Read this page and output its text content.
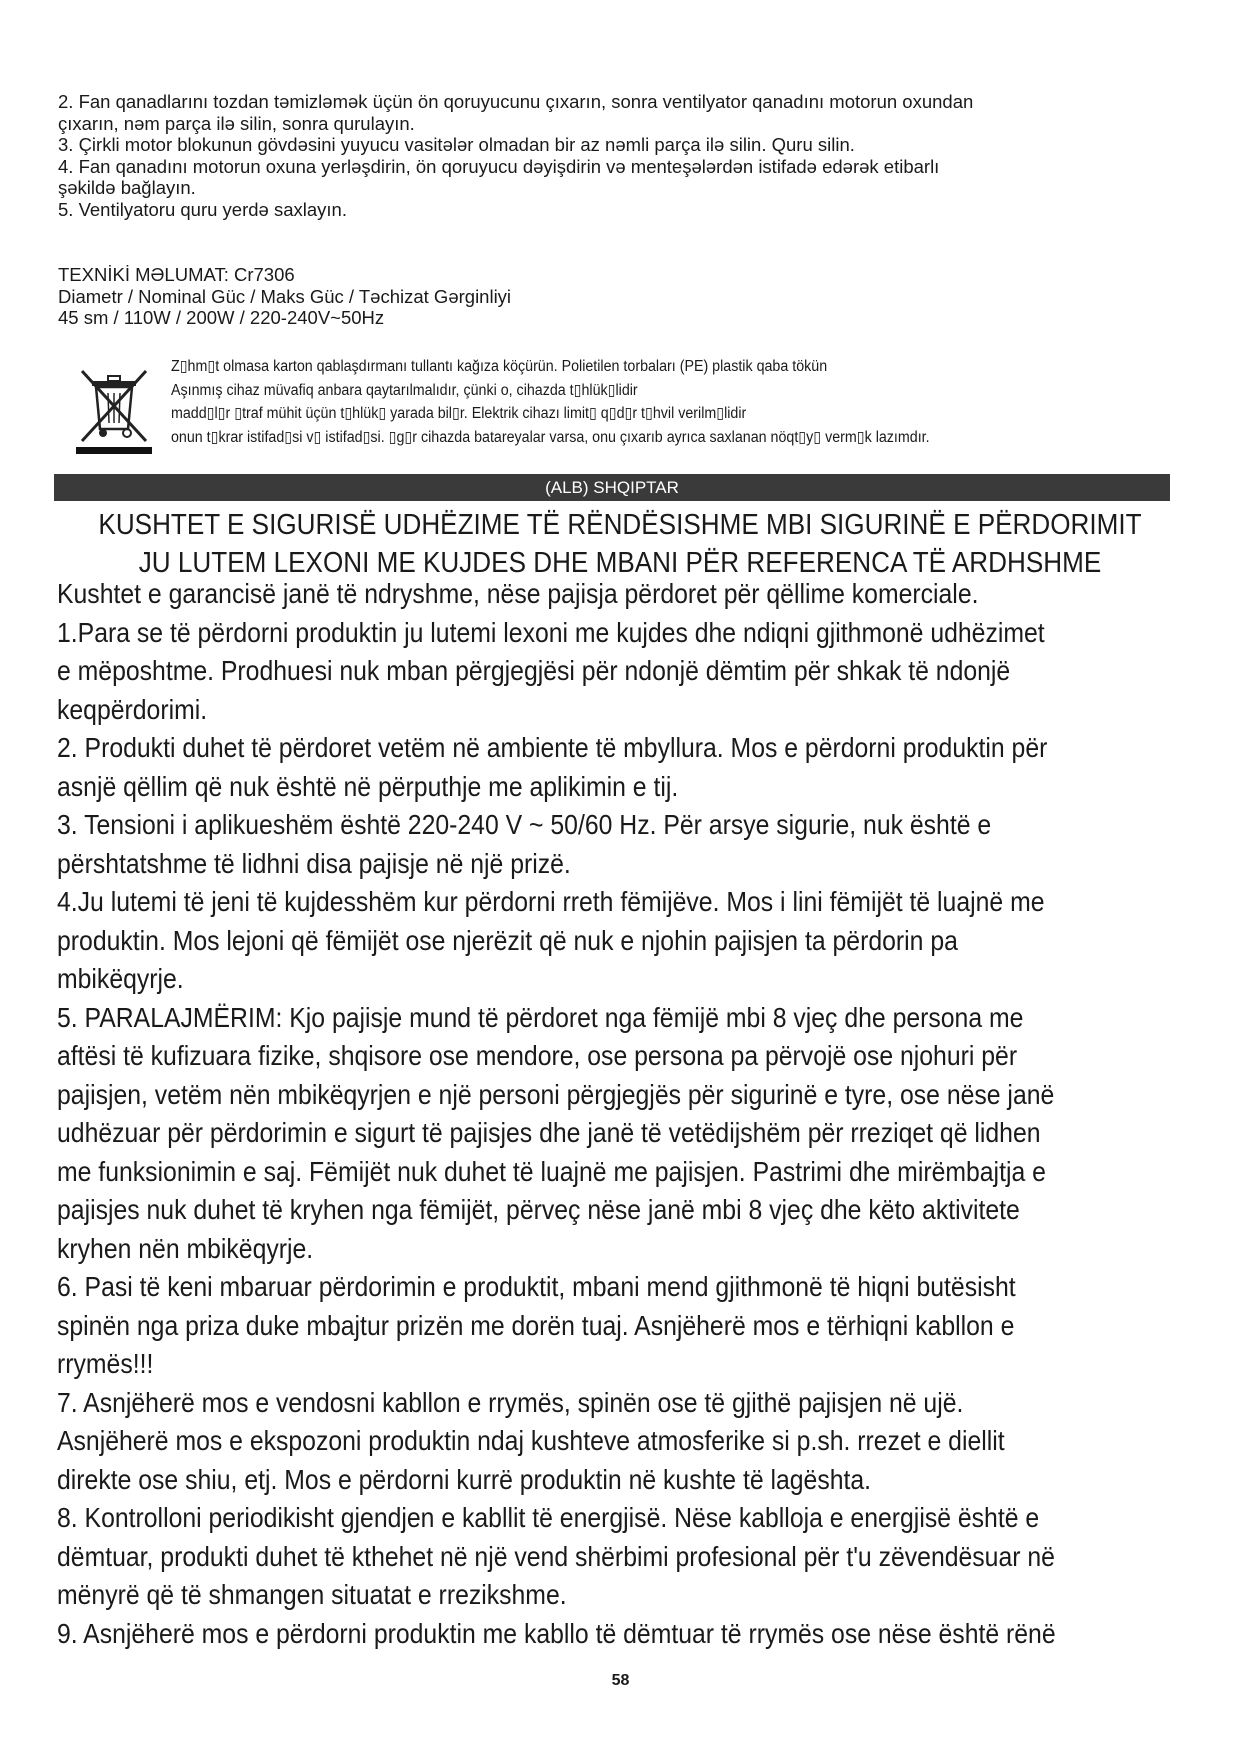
2. Fan qanadlarını tozdan təmizləmək üçün ön qoruyucunu çıxarın, sonra ventilyator qanadını motorun oxundan

çıxarın, nəm parça ilə silin, sonra qurulayın.

3. Çirkli motor blokunun gövdəsini yuyucu vasitələr olmadan bir az nəmli parça ilə silin. Quru silin.

4. Fan qanadını motorun oxuna yerləşdirin, ön qoruyucu dəyişdirin və menteşələrdən istifadə edərək etibarlı

şəkildə bağlayın.

5. Ventilyatoru quru yerdə saxlayın.

TEXNİKİ MƏLUMAT: Cr7306

Diametr / Nominal Güc / Maks Güc / Təchizat Gərginliyi

45 sm / 110W / 200W / 220-240V~50Hz

Z▯hm▯t olmasa karton qablaşdırmanı tullantı kağıza köçürün. Polietilen torbaları (PE) plastik qaba tökün

Aşınmış cihaz müvafiq anbara qaytarılmalıdır, çünki o, cihazda t▯hlük▯lidir

madd▯l▯r ▯traf mühit üçün t▯hlük▯ yarada bil▯r. Elektrik cihazı limit▯ q▯d▯r t▯hvil verilm▯lidir

onun t▯krar istifad▯si v▯ istifad▯si. ▯g▯r cihazda batareyalar varsa, onu çıxarıb ayrıca saxlanan nöqt▯y▯ verm▯k lazımdır.

(ALB) SHQIPTAR

KUSHTET E SIGURISË UDHËZIME TË RËNDËSISHME MBI SIGURINË E PËRDORIMIT

JU LUTEM LEXONI ME KUJDES DHE MBANI PËR REFERENCA TË ARDHSHME

Kushtet e garancisë janë të ndryshme, nëse pajisja përdoret për qëllime komerciale.
1.Para se të përdorni produktin ju lutemi lexoni me kujdes dhe ndiqni gjithmonë udhëzimet
e mëposhtme. Prodhuesi nuk mban përgjegjësi për ndonjë dëmtim për shkak të ndonjë
keqpërdorimi.
2. Produkti duhet të përdoret vetëm në ambiente të mbyllura. Mos e përdorni produktin për
asnjë qëllim që nuk është në përputhje me aplikimin e tij.
3. Tensioni i aplikueshëm është 220-240 V ~ 50/60 Hz. Për arsye sigurie, nuk është e
përshtatshme të lidhni disa pajisje në një prizë.
4.Ju lutemi të jeni të kujdesshëm kur përdorni rreth fëmijëve. Mos i lini fëmijët të luajnë me
produktin. Mos lejoni që fëmijët ose njerëzit që nuk e njohin pajisjen ta përdorin pa
mbikëqyrje.
5. PARALAJMËRIM: Kjo pajisje mund të përdoret nga fëmijë mbi 8 vjeç dhe persona me
aftësi të kufizuara fizike, shqisore ose mendore, ose persona pa përvojë ose njohuri për
pajisjen, vetëm nën mbikëqyrjen e një personi përgjegjës për sigurinë e tyre, ose nëse janë
udhëzuar për përdorimin e sigurt të pajisjes dhe janë të vetëdijshëm për rreziqet që lidhen
me funksionimin e saj. Fëmijët nuk duhet të luajnë me pajisjen. Pastrimi dhe mirëmbajtja e
pajisjes nuk duhet të kryhen nga fëmijët, përveç nëse janë mbi 8 vjeç dhe këto aktivitete
kryhen nën mbikëqyrje.
6. Pasi të keni mbaruar përdorimin e produktit, mbani mend gjithmonë të hiqni butësisht
spinën nga priza duke mbajtur prizën me dorën tuaj. Asnjëherë mos e tërhiqni kabllon e
rrymës!!!
7. Asnjëherë mos e vendosni kabllon e rrymës, spinën ose të gjithë pajisjen në ujë.
Asnjëherë mos e ekspozoni produktin ndaj kushteve atmosferike si p.sh. rrezet e diellit
direkte ose shiu, etj. Mos e përdorni kurrë produktin në kushte të lagështa.
8. Kontrolloni periodikisht gjendjen e kabllit të energjisë. Nëse kablloja e energjisë është e
dëmtuar, produkti duhet të kthehet në një vend shërbimi profesional për t'u zëvendësuar në
mënyrë që të shmangen situatat e rrezikshme.
9. Asnjëherë mos e përdorni produktin me kabllo të dëmtuar të rrymës ose nëse është rënë
58
